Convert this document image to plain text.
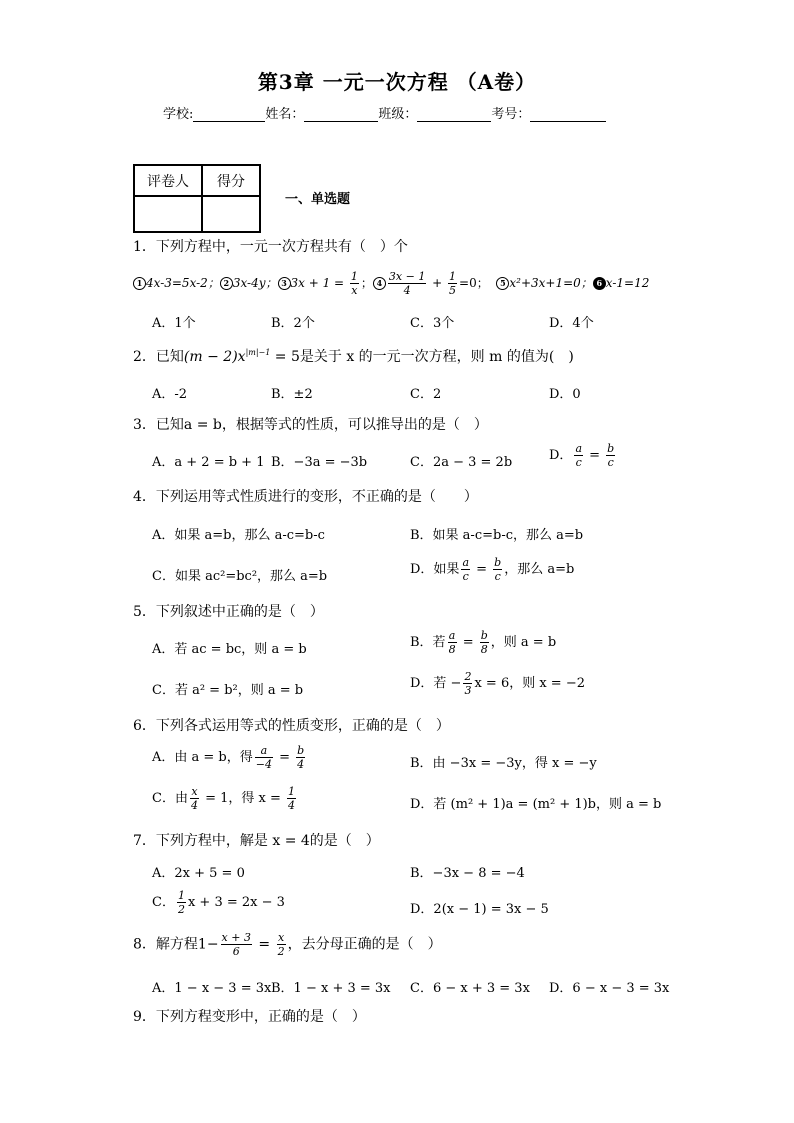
第3章 一元一次方程 （A卷）
学校:	姓名：	班级：	考号：
评卷人	得分

一、单选题
1．下列方程中，一元一次方程共有（　）个
1 4x-3=5x-2； 2 3x-4y； 3 $3x + 1 = \frac{1}{x}$ ； $4 \frac{3x - 1}{4} + \frac{1}{5} =0$； 5 x²+3x+1=0； 6 x-1=12
A．1个	B．2个	C．3个	D．4个
2．已知$(m - 2)x^{|m|-1} = 5$是关于 x 的一元一次方程，则 m 的值为(　)
A．-2	B．±2	C．2	D．0
3．已知a = b，根据等式的性质，可以推导出的是（　）
A．a + 2 = b + 1 B．−3a = −3b	C．2a − 3 = 2b	D． $\frac{a}{c} = \frac{b}{c}$
4．下列运用等式性质进行的变形，不正确的是（　　）
A．如果 a=b，那么 a-c=b-c	B．如果 a-c=b-c，那么 a=b
C．如果 ac²=bc²，那么 a=b	D．如果 $\frac{a}{c} = \frac{b}{c}$ ，那么 a=b
5．下列叙述中正确的是（　）
A．若 ac = bc，则 a = b	B．若 $\frac{a}{8} = \frac{b}{8}$ ，则 a = b
C．若 a² = b²，则 a = b	D．若 − $\frac{2}{3}$ x = 6，则 x = −2
6．下列各式运用等式的性质变形，正确的是（　）
A．由 a = b，得 $\frac{a}{-4} = \frac{b}{4}$	B．由 −3x = −3y，得 x = −y
C．由 $\frac{x}{4} = 1$，得 $x = \frac{1}{4}$	D．若 (m² + 1)a = (m² + 1)b，则 a = b
7．下列方程中，解是 x = 4的是（　）
A．2x + 5 = 0	B．−3x − 8 = −4
C． $\frac{1}{2}$ x + 3 = 2x − 3	D．2(x − 1) = 3x − 5
8．解方程$1- \frac{x + 3}{6} = \frac{x}{2}$ ，去分母正确的是（　）
A．1 − x − 3 = 3x B．1 − x + 3 = 3x C．6 − x + 3 = 3x D．6 − x − 3 = 3x
9．下列方程变形中，正确的是（　）
